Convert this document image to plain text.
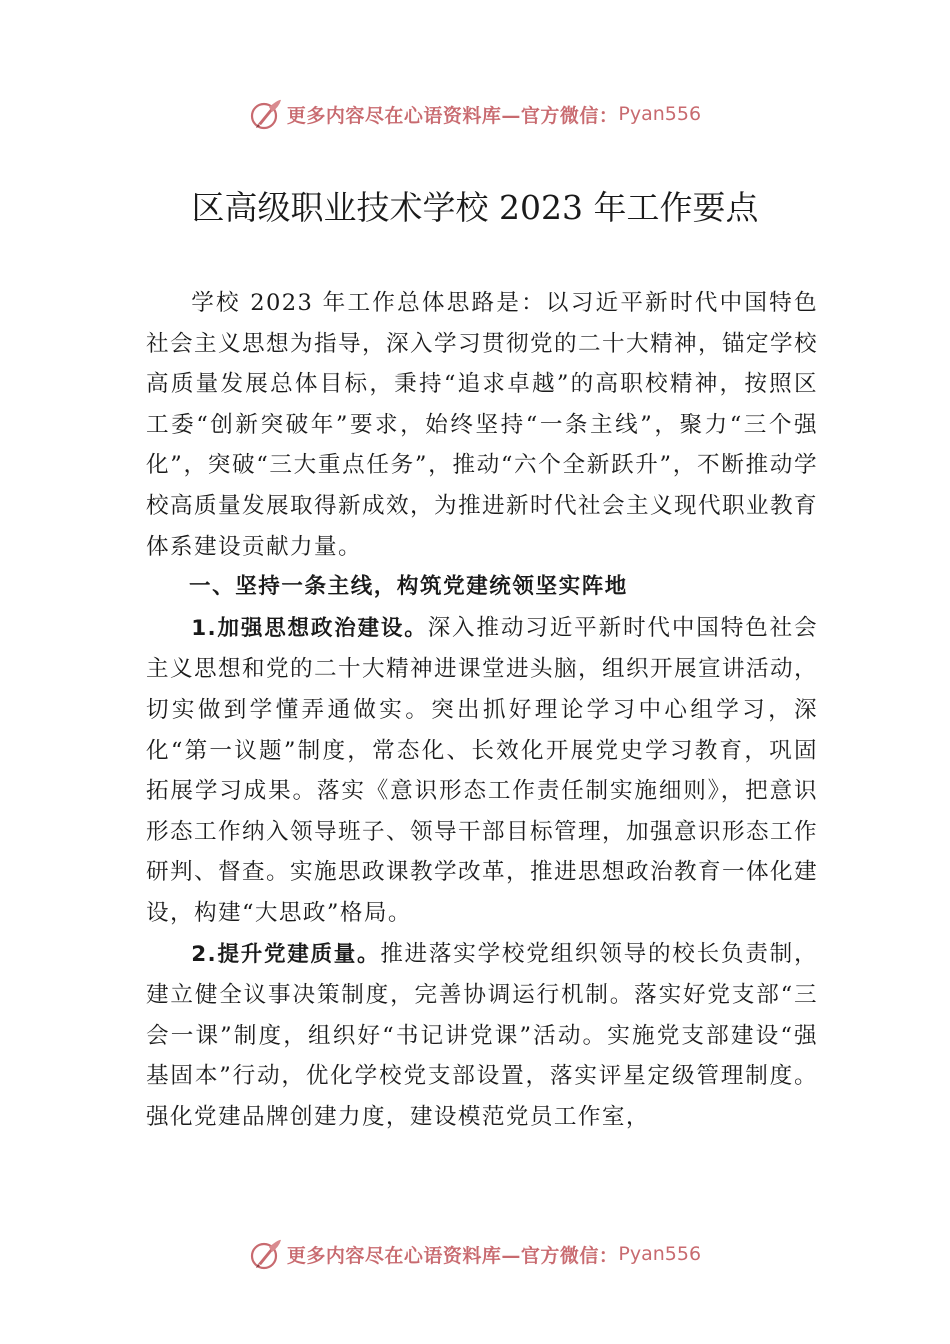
更多内容尽在心语资料库—官方微信： Pyan556
区高级职业技术学校 2023 年工作要点

学校 2023 年工作总体思路是：以习近平新时代中国特色社会主义思想为指导，深入学习贯彻党的二十大精神，锚定学校高质量发展总体目标，秉持“追求卓越”的高职校精神，按照区工委“创新突破年”要求，始终坚持“一条主线”，聚力“三个强化”，突破“三大重点任务”，推动“六个全新跃升”，不断推动学校高质量发展取得新成效，为推进新时代社会主义现代职业教育体系建设贡献力量。

一、坚持一条主线，构筑党建统领坚实阵地

1.加强思想政治建设。深入推动习近平新时代中国特色社会主义思想和党的二十大精神进课堂进头脑，组织开展宣讲活动，切实做到学懂弄通做实。突出抓好理论学习中心组学习，深化“第一议题”制度，常态化、长效化开展党史学习教育，巩固拓展学习成果。落实《意识形态工作责任制实施细则》，把意识形态工作纳入领导班子、领导干部目标管理，加强意识形态工作研判、督查。实施思政课教学改革，推进思想政治教育一体化建设，构建“大思政”格局。

2.提升党建质量。推进落实学校党组织领导的校长负责制，建立健全议事决策制度，完善协调运行机制。落实好党支部“三会一课”制度，组织好“书记讲党课”活动。实施党支部建设“强基固本”行动，优化学校党支部设置，落实评星定级管理制度。强化党建品牌创建力度，建设模范党员工作室，

更多内容尽在心语资料库—官方微信： Pyan556
